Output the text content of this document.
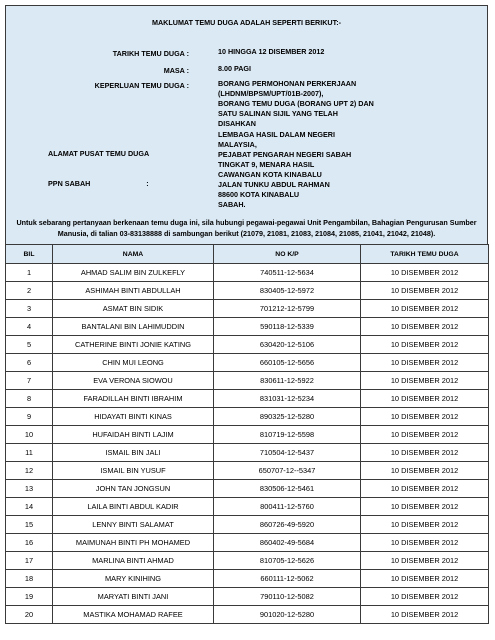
MAKLUMAT TEMU DUGA ADALAH SEPERTI BERIKUT:-
TARIKH TEMU DUGA :	10 HINGGA 12 DISEMBER 2012
MASA :	8.00 PAGI
KEPERLUAN TEMU DUGA :	BORANG PERMOHONAN PERKERJAAN
(LHDNM/BPSM/UPT/01B-2007),
BORANG TEMU DUGA (BORANG UPT 2) DAN
SATU SALINAN SIJIL YANG TELAH
DISAHKAN

ALAMAT PUSAT TEMU DUGA

PPN SABAH                            :

LEMBAGA HASIL DALAM NEGERI
MALAYSIA,
PEJABAT PENGARAH NEGERI SABAH
TINGKAT 9, MENARA HASIL
CAWANGAN KOTA KINABALU
JALAN TUNKU ABDUL RAHMAN
88600 KOTA KINABALU
SABAH.
Untuk sebarang pertanyaan berkenaan temu duga ini, sila hubungi pegawai-pegawai Unit Pengambilan, Bahagian Pengurusan Sumber
Manusia, di talian 03-83138888 di sambungan berikut (21079, 21081, 21083, 21084, 21085, 21041, 21042, 21048).
BIL	NAMA	NO K/P	TARIKH TEMU DUGA
1	AHMAD SALIM BIN ZULKEFLY	740511-12-5634	10 DISEMBER 2012
2	ASHIMAH BINTI ABDULLAH	830405-12-5972	10 DISEMBER 2012
3	ASMAT BIN SIDIK	701212-12-5799	10 DISEMBER 2012
4	BANTALANI BIN LAHIMUDDIN	590118-12-5339	10 DISEMBER 2012
5	CATHERINE BINTI JONIE KATING	630420-12-5106	10 DISEMBER 2012
6	CHIN MUI LEONG	660105-12-5656	10 DISEMBER 2012
7	EVA VERONA SIOWOU	830611-12-5922	10 DISEMBER 2012
8	FARADILLAH BINTI IBRAHIM	831031-12-5234	10 DISEMBER 2012
9	HIDAYATI BINTI KINAS	890325-12-5280	10 DISEMBER 2012
10	HUFAIDAH BINTI LAJIM	810719-12-5598	10 DISEMBER 2012
11	ISMAIL BIN JALI	710504-12-5437	10 DISEMBER 2012
12	ISMAIL BIN YUSUF	650707-12--5347	10 DISEMBER 2012
13	JOHN TAN JONGSUN	830506-12-5461	10 DISEMBER 2012
14	LAILA BINTI ABDUL KADIR	800411-12-5760	10 DISEMBER 2012
15	LENNY BINTI SALAMAT	860726-49-5920	10 DISEMBER 2012
16	MAIMUNAH BINTI PH MOHAMED	860402-49-5684	10 DISEMBER 2012
17	MARLINA BINTI AHMAD	810705-12-5626	10 DISEMBER 2012
18	MARY KINIHING	660111-12-5062	10 DISEMBER 2012
19	MARYATI BINTI JANI	790110-12-5082	10 DISEMBER 2012
20	MASTIKA MOHAMAD RAFEE	901020-12-5280	10 DISEMBER 2012
